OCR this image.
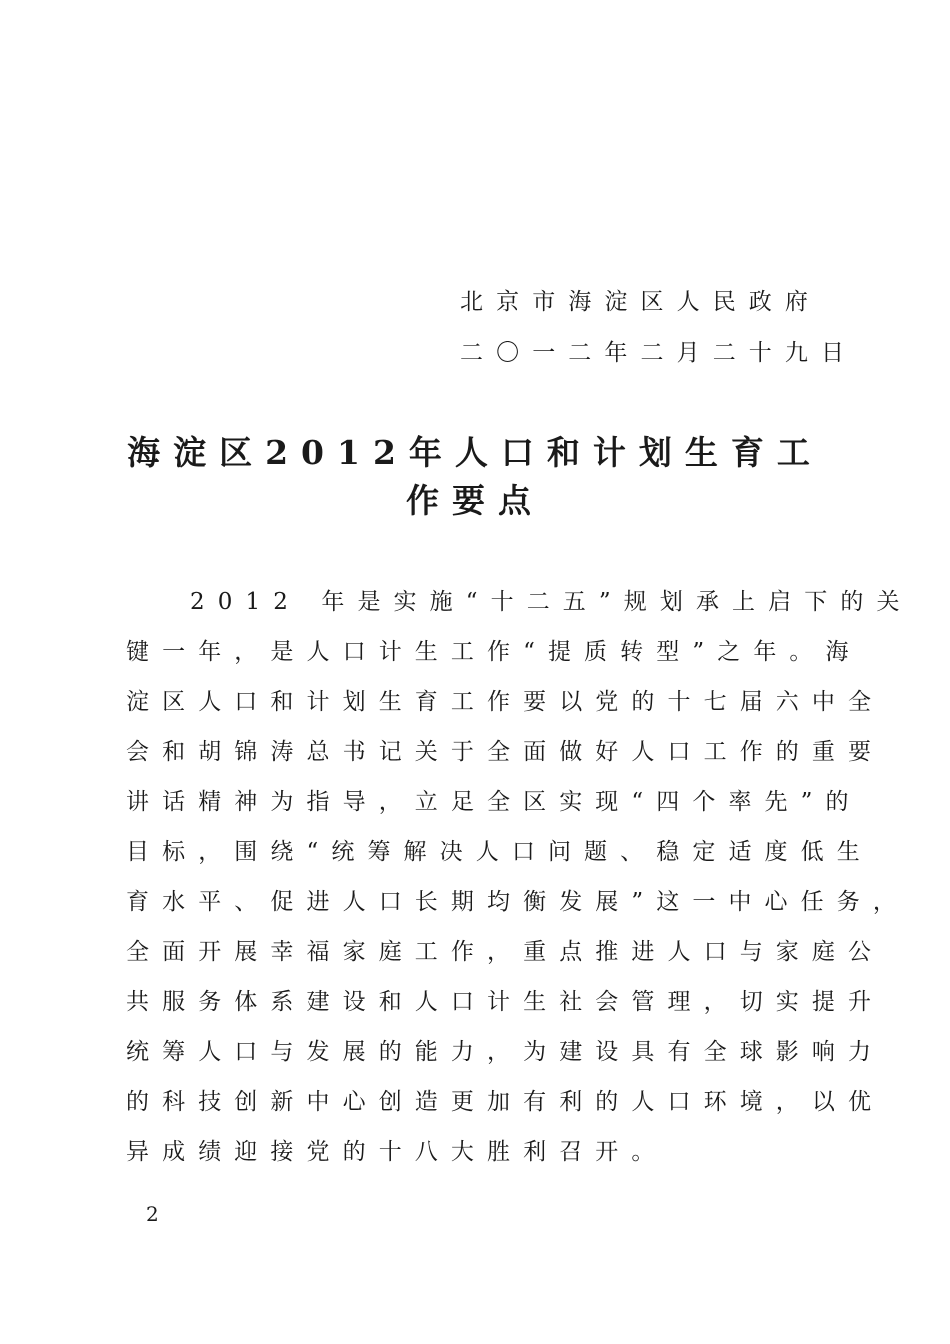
北京市海淀区人民政府
二〇一二年二月二十九日
海淀区2012年人口和计划生育工
作要点
2012 年是实施“十二五”规划承上启下的关
键一年，是人口计生工作“提质转型”之年。海
淀区人口和计划生育工作要以党的十七届六中全
会和胡锦涛总书记关于全面做好人口工作的重要
讲话精神为指导，立足全区实现“四个率先”的
目标，围绕“统筹解决人口问题、稳定适度低生
育水平、促进人口长期均衡发展”这一中心任务，
全面开展幸福家庭工作，重点推进人口与家庭公
共服务体系建设和人口计生社会管理，切实提升
统筹人口与发展的能力，为建设具有全球影响力
的科技创新中心创造更加有利的人口环境，以优
异成绩迎接党的十八大胜利召开。
2
